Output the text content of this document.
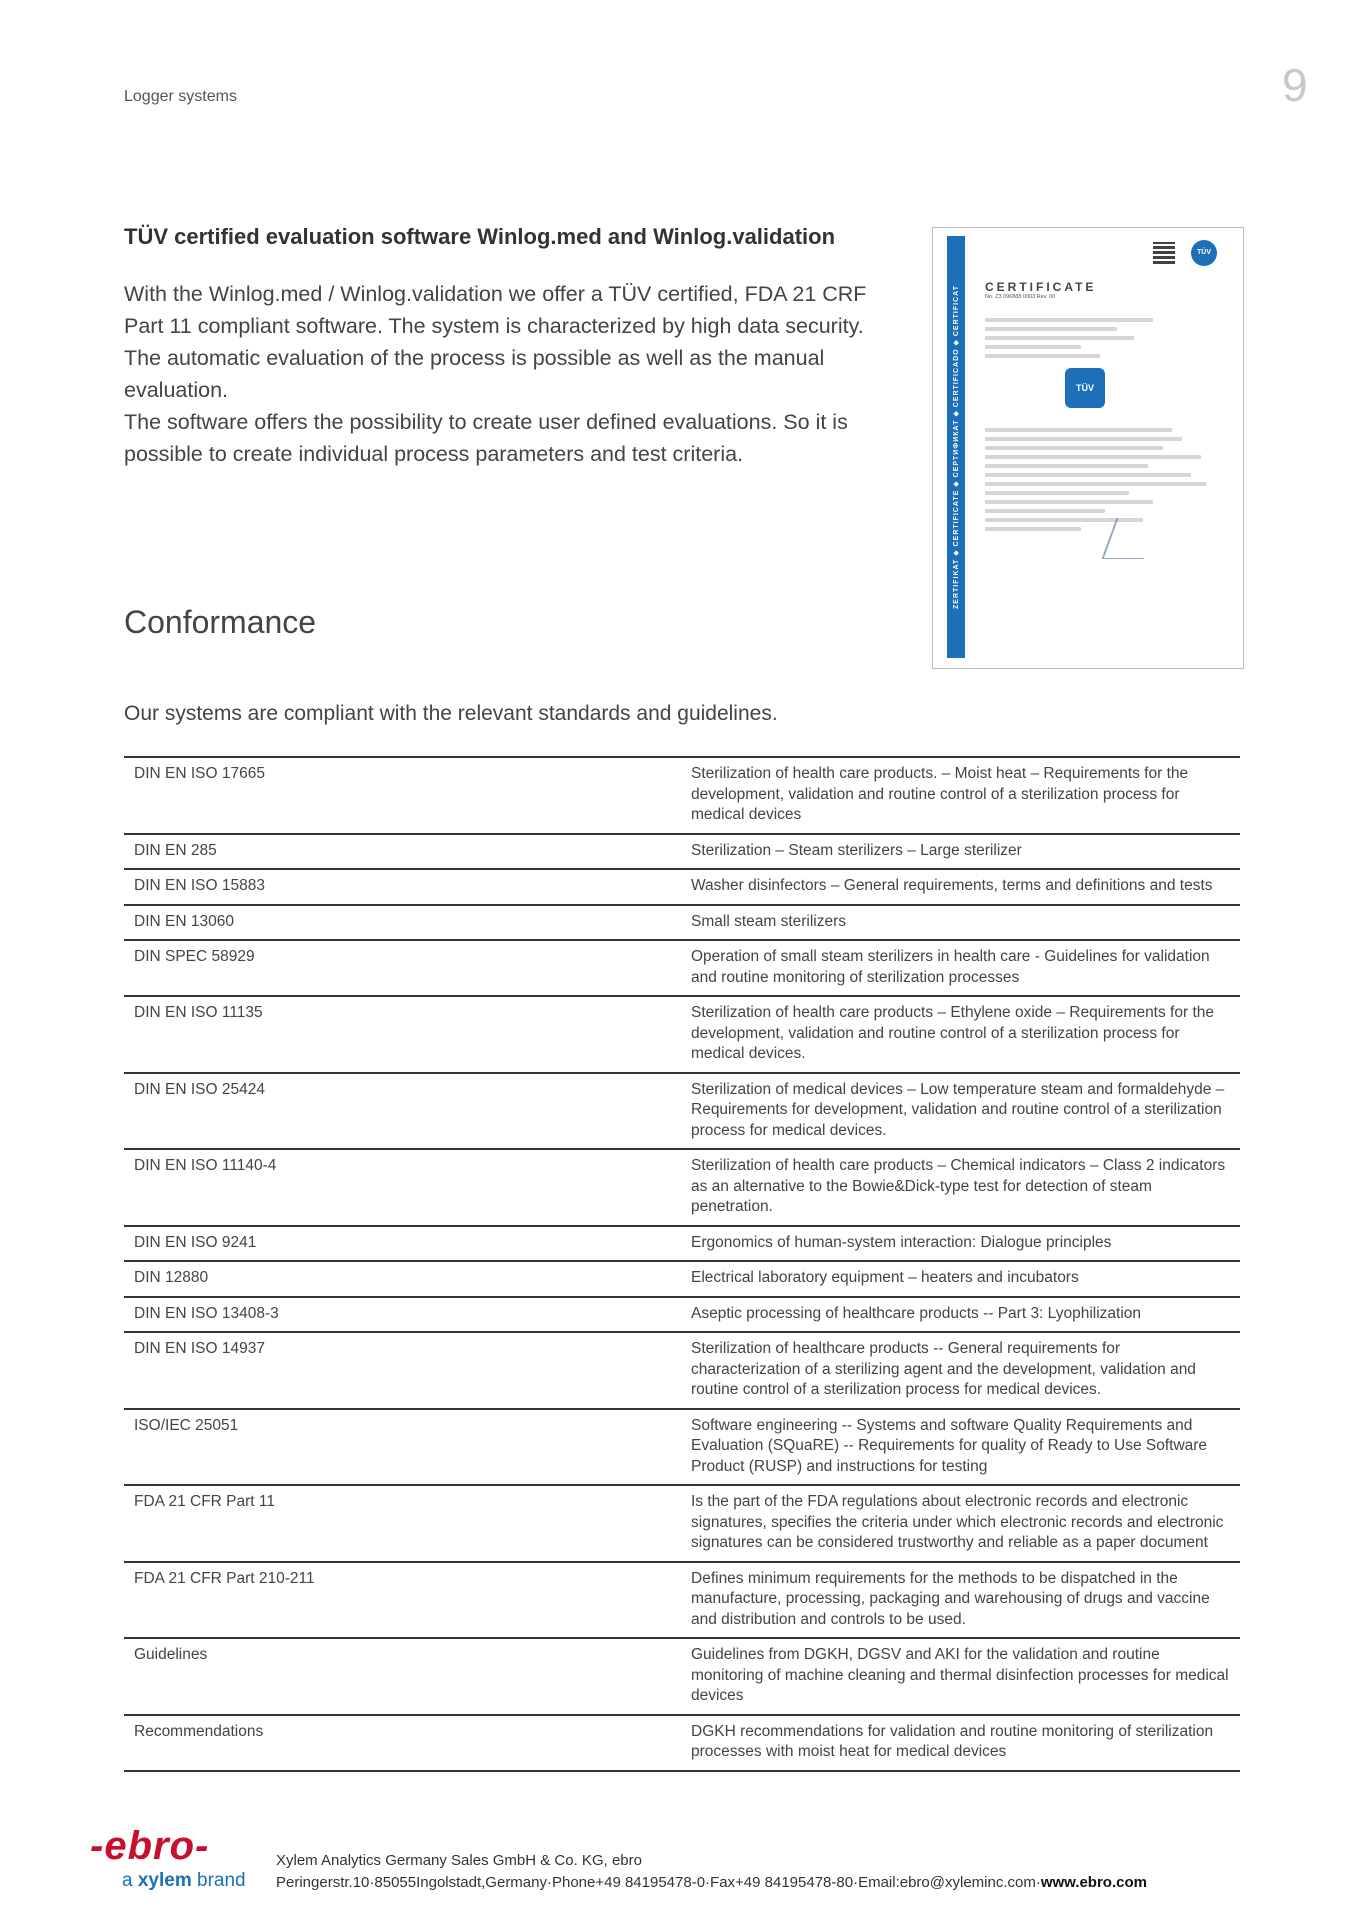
Logger systems	9
TÜV certified evaluation software Winlog.med and Winlog.validation

With the Winlog.med / Winlog.validation we offer a TÜV certified, FDA 21 CRF Part 11 compliant software. The system is characterized by high data security. The automatic evaluation of the process is possible as well as the manual evaluation.

The software offers the possibility to create user defined evaluations. So it is possible to create individual process parameters and test criteria.	ZERTIFIKAT ◆ CERTIFICATE ◆ СЕРТИФИКАТ ◆ CERTIFICADO ◆ CERTIFICAT
TÜV
CERTIFICATE
No. Z3 096888 0003 Rev. 00
TÜV
Conformance
Our systems are compliant with the relevant standards and guidelines.
DIN EN ISO 17665	Sterilization of health care products. – Moist heat – Requirements for the development, validation and routine control of a sterilization process for medical devices
DIN EN 285	Sterilization – Steam sterilizers – Large sterilizer
DIN EN ISO 15883	Washer disinfectors – General requirements, terms and definitions and tests
DIN EN 13060	Small steam sterilizers
DIN SPEC 58929	Operation of small steam sterilizers in health care - Guidelines for validation and routine monitoring of sterilization processes
DIN EN ISO 11135	Sterilization of health care products – Ethylene oxide – Requirements for the development, validation and routine control of a sterilization process for medical devices.
DIN EN ISO 25424	Sterilization of medical devices – Low temperature steam and formaldehyde – Requirements for development, validation and routine control of a sterilization process for medical devices.
DIN EN ISO 11140-4	Sterilization of health care products – Chemical indicators – Class 2 indicators as an alternative to the Bowie&Dick-type test for detection of steam penetration.
DIN EN ISO 9241	Ergonomics of human-system interaction: Dialogue principles
DIN 12880	Electrical laboratory equipment – heaters and incubators
DIN EN ISO 13408-3	Aseptic processing of healthcare products -- Part 3: Lyophilization
DIN EN ISO 14937	Sterilization of healthcare products -- General requirements for characterization of a sterilizing agent and the development, validation and routine control of a sterilization process for medical devices.
ISO/IEC 25051	Software engineering -- Systems and software Quality Requirements and Evaluation (SQuaRE) -- Requirements for quality of Ready to Use Software Product (RUSP) and instructions for testing
FDA 21 CFR Part 11	Is the part of the FDA regulations about electronic records and electronic signatures, specifies the criteria under which electronic records and electronic signatures can be considered trustworthy and reliable as a paper document
FDA 21 CFR Part 210-211	Defines minimum requirements for the methods to be dispatched in the manufacture, processing, packaging and warehousing of drugs and vaccine and distribution and controls to be used.
Guidelines	Guidelines from DGKH, DGSV and AKI for the validation and routine monitoring of machine cleaning and thermal disinfection processes for medical devices
Recommendations	DGKH recommendations for validation and routine monitoring of sterilization processes with moist heat for medical devices
-ebro-
a xylem brand
Xylem Analytics Germany Sales GmbH & Co. KG, ebro
Peringerstr.10·85055Ingolstadt,Germany·Phone+49 84195478-0·Fax+49 84195478-80·Email:ebro@xyleminc.com·www.ebro.com
